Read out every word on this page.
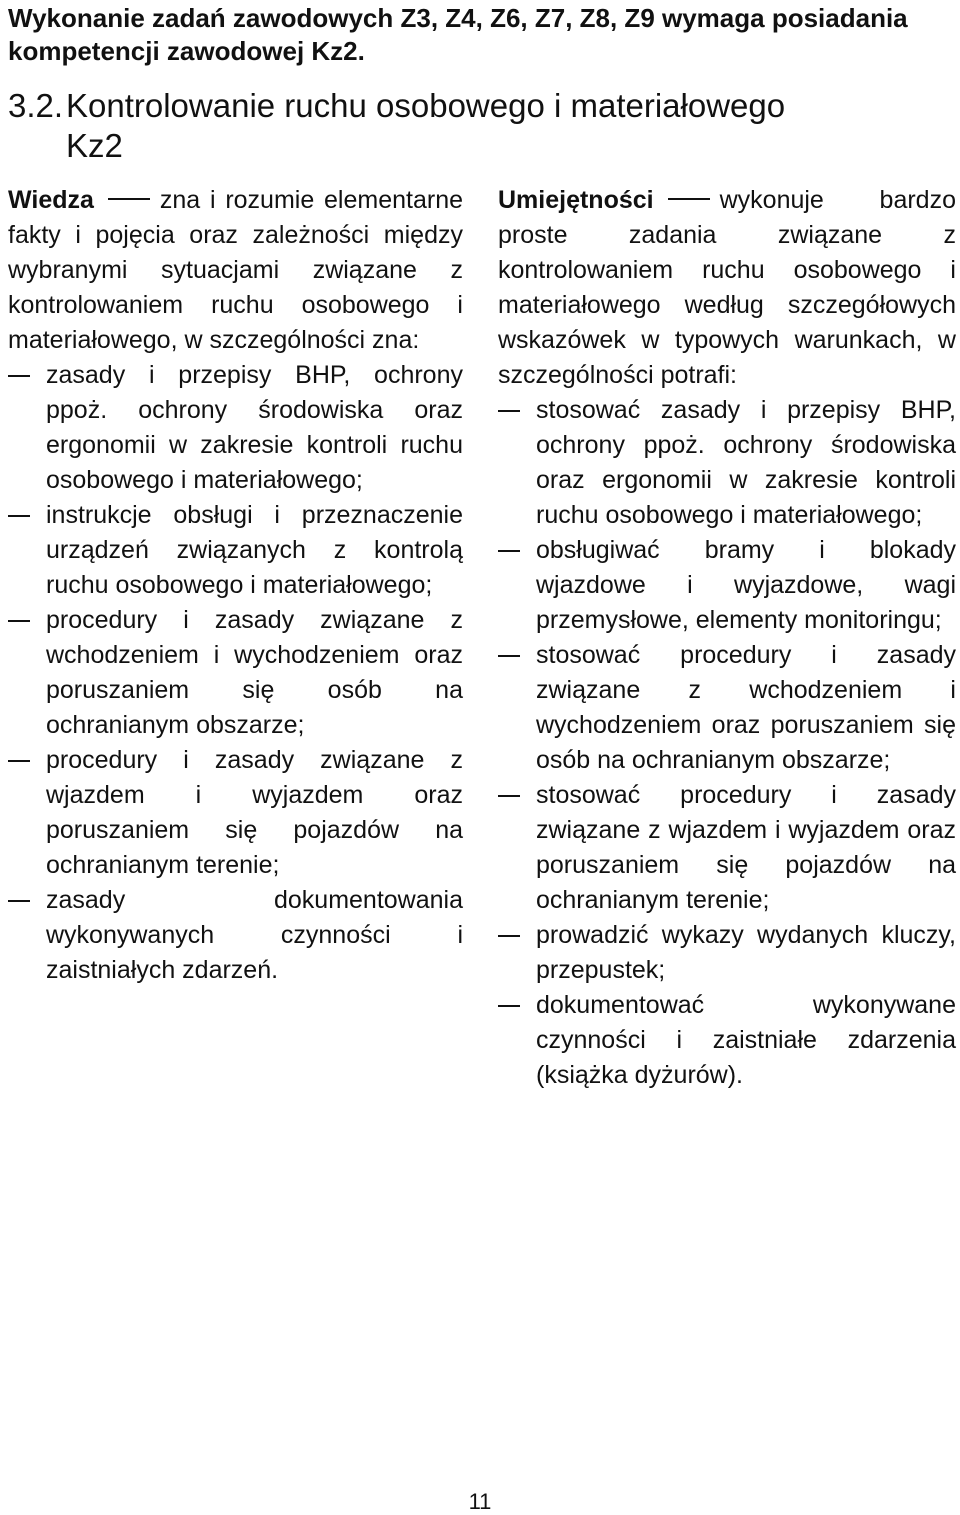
Wykonanie zadań zawodowych Z3, Z4, Z6, Z7, Z8, Z9 wymaga posiadania kompetencji zawodowej Kz2.

3.2.Kontrolowanie ruchu osobowego i materiałowego
Kz2

Wiedza	zna i rozumie elementarne fakty i pojęcia oraz zależności między wybranymi sytuacjami związane z kontrolowaniem ruchu osobowego i materiałowego, w szczególności zna:

zasady i przepisy BHP, ochrony ppoż. ochrony środowiska oraz ergonomii w zakresie kontroli ruchu osobowego i materiałowego;
instrukcje obsługi i przeznaczenie urządzeń związanych z kontrolą ruchu osobowego i materiałowego;
procedury i zasady związane z wchodzeniem i wychodzeniem oraz poruszaniem się osób na ochranianym obszarze;
procedury i zasady związane z wjazdem i wyjazdem oraz poruszaniem się pojazdów na ochranianym terenie;
zasady dokumentowania wykonywanych czynności i zaistniałych zdarzeń.

Umiejętności	wykonuje bardzo proste zadania związane z kontrolowaniem ruchu osobowego i materiałowego według szczegółowych wskazówek w typowych warunkach, w szczególności potrafi:

stosować zasady i przepisy BHP, ochrony ppoż. ochrony środowiska oraz ergonomii w zakresie kontroli ruchu osobowego i materiałowego;
obsługiwać bramy i blokady wjazdowe i wyjazdowe, wagi przemysłowe, elementy monitoringu;
stosować procedury i zasady związane z wchodzeniem i wychodzeniem oraz poruszaniem się osób na ochranianym obszarze;
stosować procedury i zasady związane z wjazdem i wyjazdem oraz poruszaniem się pojazdów na ochranianym terenie;
prowadzić wykazy wydanych kluczy, przepustek;
dokumentować wykonywane czynności i zaistniałe zdarzenia (książka dyżurów).
11
